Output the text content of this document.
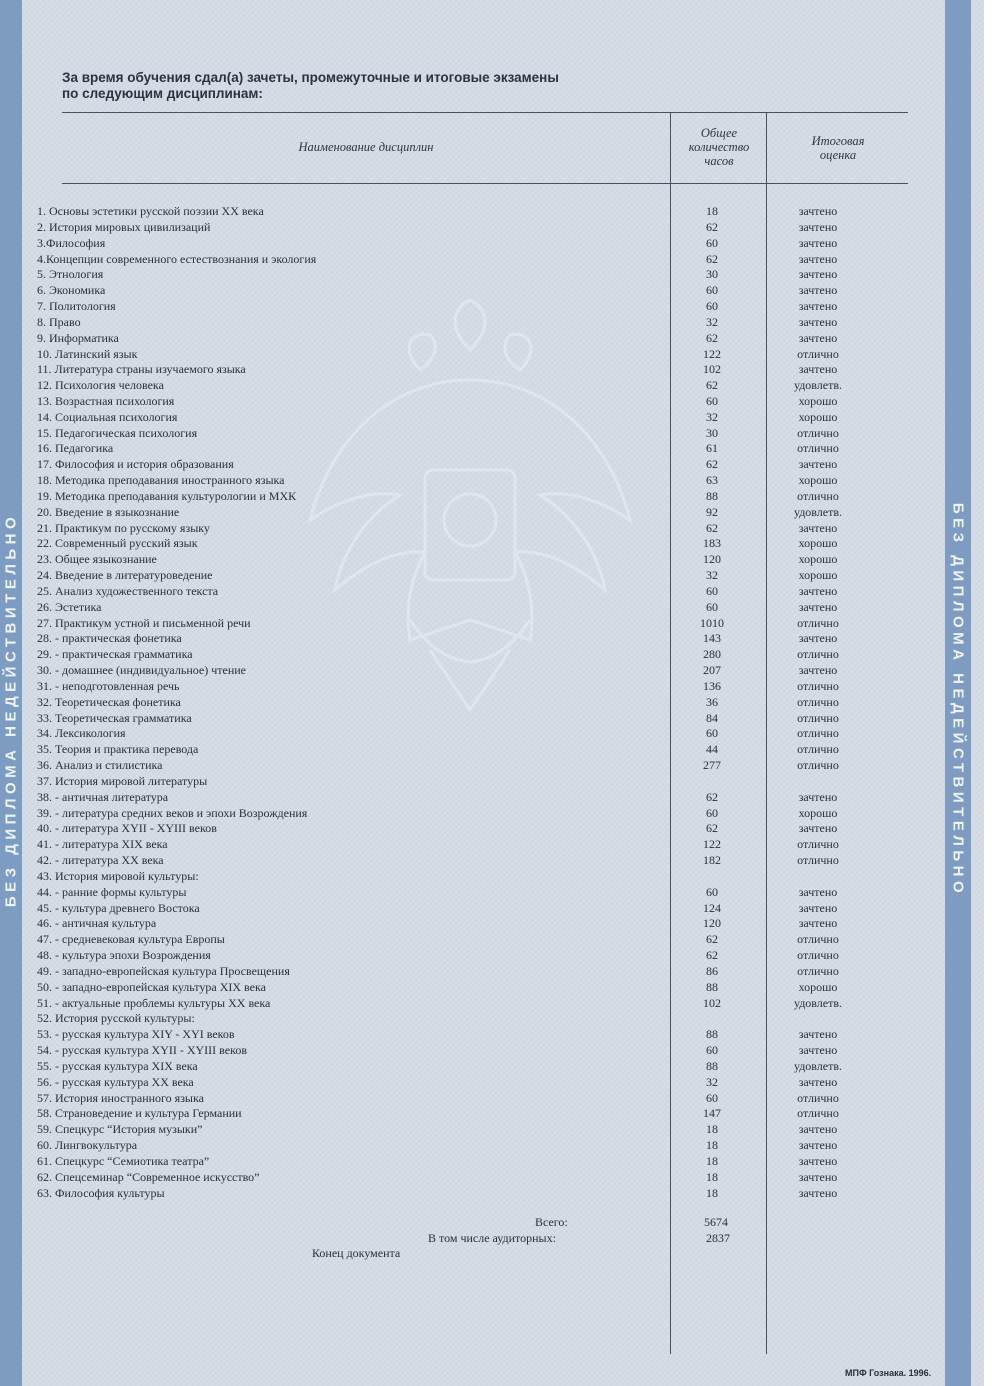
БЕЗ ДИПЛОМА НЕДЕЙСТВИТЕЛЬНО	БЕЗ ДИПЛОМА НЕДЕЙСТВИТЕЛЬНО
За время обучения сдал(а) зачеты, промежуточные и итоговые экзамены
по следующим дисциплинам:
Наименование дисциплин
Общее
количество
часов
Итоговая
оценка
1. Основы эстетики русской поэзии XX века	18	зачтено
2. История мировых цивилизаций	62	зачтено
3.Философия	60	зачтено
4.Концепции современного естествознания и экология	62	зачтено
5. Этнология	30	зачтено
6. Экономика	60	зачтено
7. Политология	60	зачтено
8. Право	32	зачтено
9. Информатика	62	зачтено
10. Латинский язык	122	отлично
11. Литература страны изучаемого языка	102	зачтено
12. Психология человека	62	удовлетв.
13. Возрастная психология	60	хорошо
14. Социальная психология	32	хорошо
15. Педагогическая психология	30	отлично
16. Педагогика	61	отлично
17. Философия и история образования	62	зачтено
18. Методика преподавания иностранного языка	63	хорошо
19. Методика преподавания культурологии и МХК	88	отлично
20. Введение в языкознание	92	удовлетв.
21. Практикум по русскому языку	62	зачтено
22. Современный русский язык	183	хорошо
23. Общее языкознание	120	хорошо
24. Введение в литературоведение	32	хорошо
25. Анализ художественного текста	60	зачтено
26. Эстетика	60	зачтено
27. Практикум устной и письменной речи	1010	отлично
28. - практическая фонетика	143	зачтено
29. - практическая грамматика	280	отлично
30. - домашнее (индивидуальное) чтение	207	зачтено
31. - неподготовленная речь	136	отлично
32. Теоретическая фонетика	36	отлично
33. Теоретическая грамматика	84	отлично
34. Лексикология	60	отлично
35. Теория и практика перевода	44	отлично
36. Анализ и стилистика	277	отлично
37. История мировой литературы
38. - античная литература	62	зачтено
39. - литература средних веков и эпохи Возрождения	60	хорошо
40. - литература XYII - XYIII веков	62	зачтено
41. - литература XIX века	122	отлично
42. - литература XX века	182	отлично
43. История мировой культуры:
44. - ранние формы культуры	60	зачтено
45. - культура древнего Востока	124	зачтено
46. - античная культура	120	зачтено
47. - средневековая культура Европы	62	отлично
48. - культура эпохи Возрождения	62	отлично
49. - западно-европейская культура Просвещения	86	отлично
50. - западно-европейская культура XIX века	88	хорошо
51. - актуальные проблемы культуры XX века	102	удовлетв.
52. История русской культуры:
53. - русская культура XIY - XYI веков	88	зачтено
54. - русская культура XYII - XYIII веков	60	зачтено
55. - русская культура XIX века	88	удовлетв.
56. - русская культура XX века	32	зачтено
57. История иностранного языка	60	отлично
58. Страноведение и культура Германии	147	отлично
59. Спецкурс “История музыки”	18	зачтено
60. Лингвокультура	18	зачтено
61. Спецкурс “Семиотика театра”	18	зачтено
62. Спецсеминар “Современное искусство”	18	зачтено
63. Философия культуры	18	зачтено
Всего:	5674
В том числе аудиторных:	2837
Конец документа
МПФ Гознака. 1996.
